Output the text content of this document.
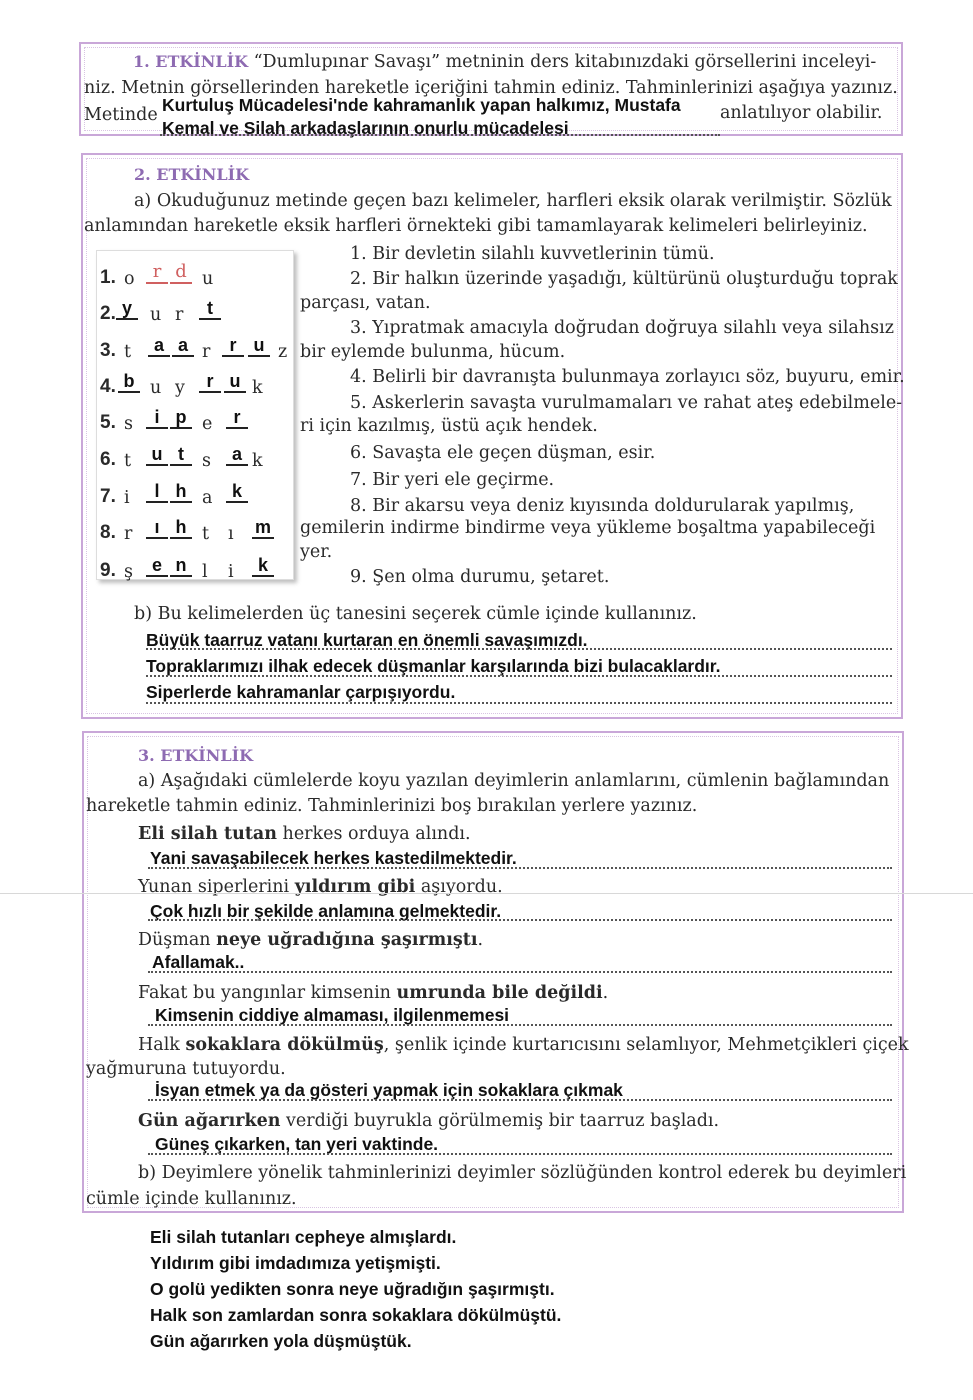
1. ETKİNLİK “Dumlupınar Savaşı” metninin ders kitabınızdaki görsellerini inceleyi-
niz. Metnin görsellerinden hareketle içeriğini tahmin ediniz. Tahminlerinizi aşağıya yazınız.
Metinde Kurtuluş Mücadelesi'nde kahramanlık yapan halkımız, Mustafa
Kemal ve Silah arkadaşlarının onurlu mücadelesi
anlatılıyor olabilir.
2. ETKİNLİK
a) Okuduğunuz metinde geçen bazı kelimeler, harfleri eksik olarak verilmiştir. Sözlük
anlamından hareketle eksik harfleri örnekteki gibi tamamlayarak kelimeleri belirleyiniz.
1. Bir devletin silahlı kuvvetlerinin tümü.
2. Bir halkın üzerinde yaşadığı, kültürünü oluşturduğu toprak
parçası, vatan.
3. Yıpratmak amacıyla doğrudan doğruya silahlı veya silahsız
bir eylemde bulunma, hücum.
4. Belirli bir davranışta bulunmaya zorlayıcı söz, buyuru, emir.
5. Askerlerin savaşta vurulmamaları ve rahat ateş edebilmele-
ri için kazılmış, üstü açık hendek.
6. Savaşta ele geçen düşman, esir.
7. Bir yeri ele geçirme.
8. Bir akarsu veya deniz kıyısında doldurularak yapılmış,
gemilerin indirme bindirme veya yükleme boşaltma yapabileceği
yer.
9. Şen olma durumu, şetaret.
b) Bu kelimelerden üç tanesini seçerek cümle içinde kullanınız.
Büyük taarruz vatanı kurtaran en önemli savaşımızdı.
Topraklarımızı ilhak edecek düşmanlar karşılarında bizi bulacaklardır.
Siperlerde kahramanlar çarpışıyordu.
3. ETKİNLİK
a) Aşağıdaki cümlelerde koyu yazılan deyimlerin anlamlarını, cümlenin bağlamından
hareketle tahmin ediniz. Tahminlerinizi boş bırakılan yerlere yazınız.
Eli silah tutan herkes orduya alındı.
Yani savaşabilecek herkes kastedilmektedir.
Yunan siperlerini yıldırım gibi aşıyordu.
Çok hızlı bir şekilde anlamına gelmektedir.
Düşman neye uğradığına şaşırmıştı.
Afallamak..
Fakat bu yangınlar kimsenin umrunda bile değildi.
Kimsenin ciddiye almaması, ilgilenmemesi
Halk sokaklara dökülmüş, şenlik içinde kurtarıcısını selamlıyor, Mehmetçikleri çiçek
yağmuruna tutuyordu.
İsyan etmek ya da gösteri yapmak için sokaklara çıkmak
Gün ağarırken verdiği buyrukla görülmemiş bir taarruz başladı.
Güneş çıkarken, tan yeri vaktinde.
b) Deyimlere yönelik tahminlerinizi deyimler sözlüğünden kontrol ederek bu deyimleri
cümle içinde kullanınız.
Eli silah tutanları cepheye almışlardı.
Yıldırım gibi imdadımıza yetişmişti.
O golü yedikten sonra neye uğradığın şaşırmıştı.
Halk son zamlardan sonra sokaklara dökülmüştü.
Gün ağarırken yola düşmüştük.
1. o	r d u
2. y	u r	t
3. t	a a r	r u z
4. b u y	r u k
5. s	i p e	r
6. t	u t	s	a k
7. i	l h a	k
8. r	ı h t ı m
9. ş	e n l i	k
